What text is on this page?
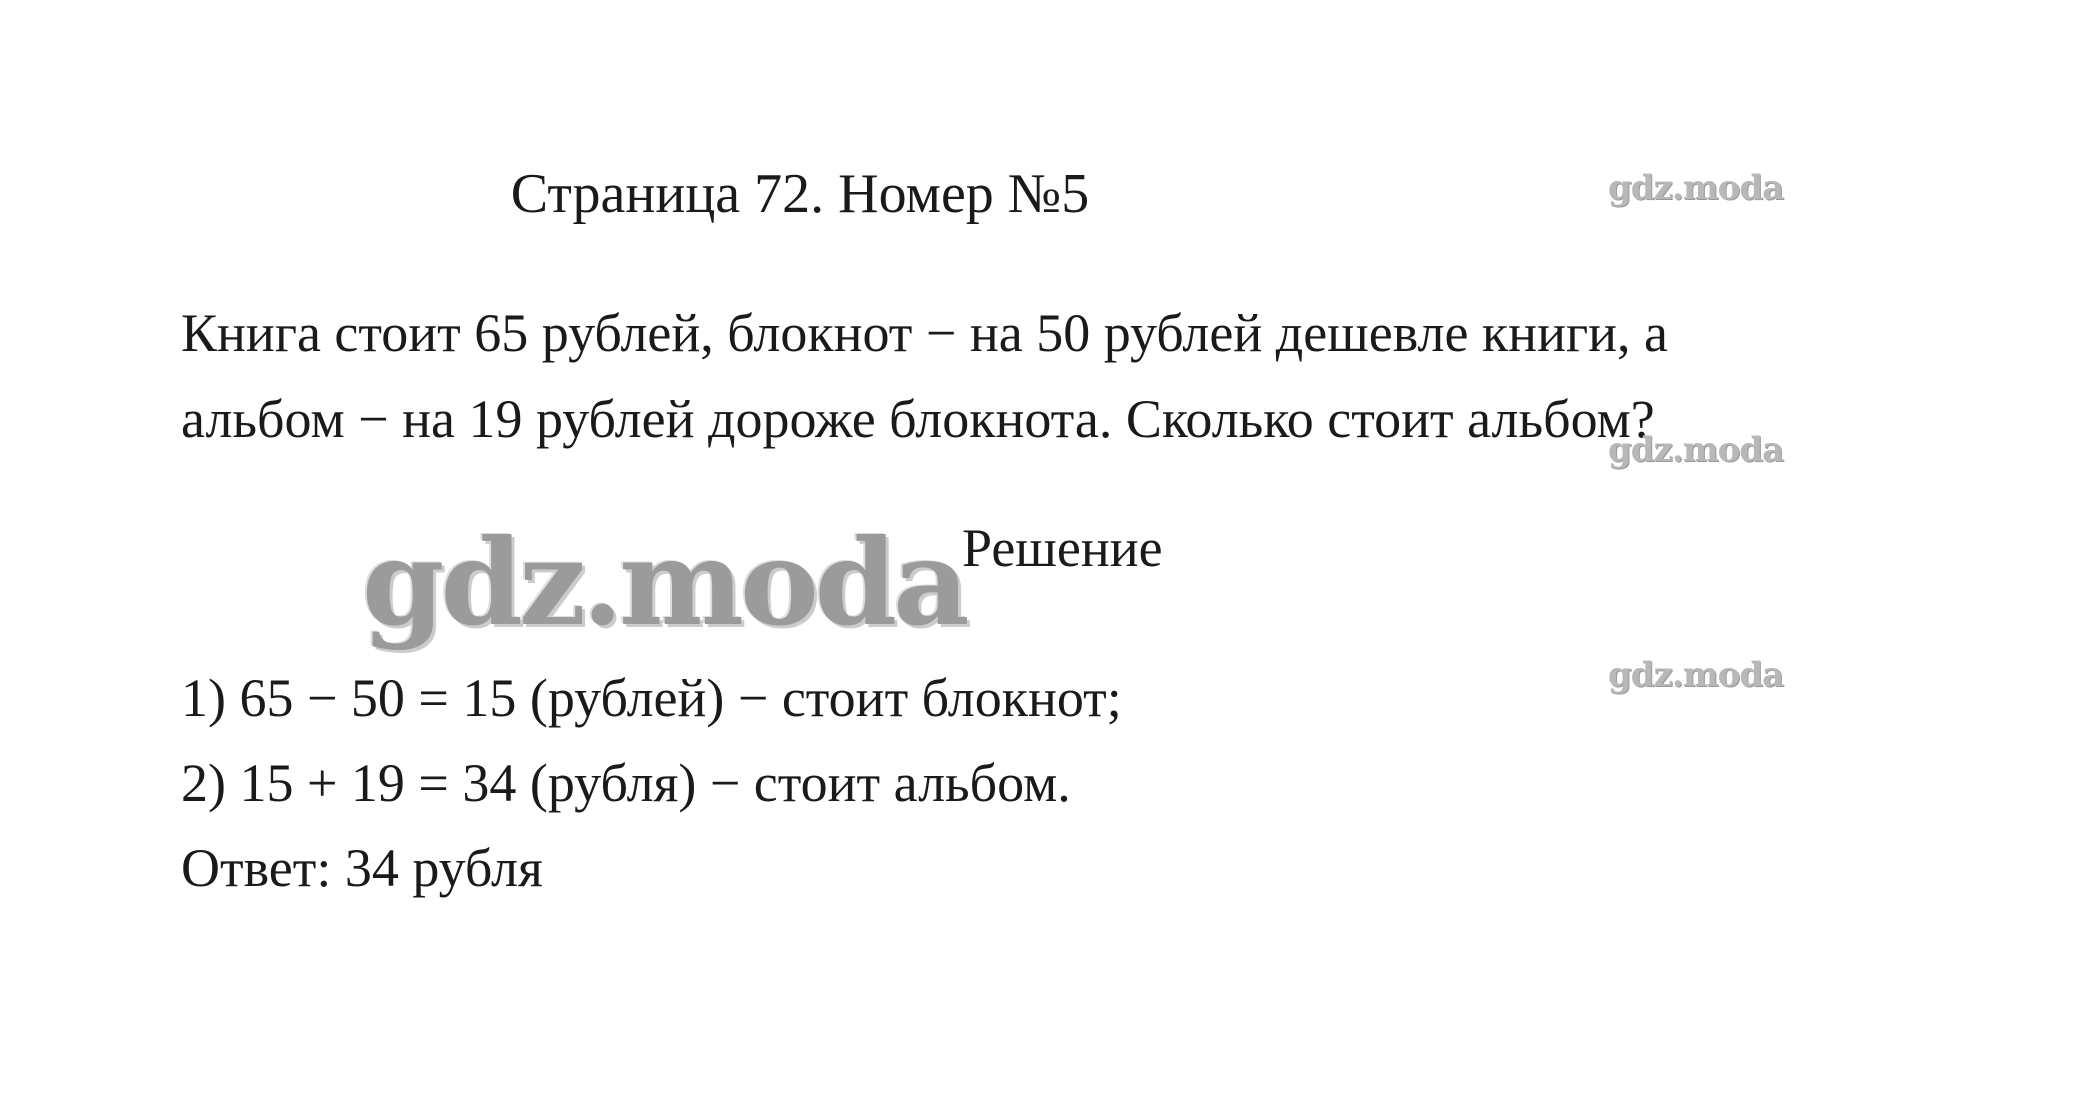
Страница 72. Номер №5	gdz.moda
Книга стоит 65 рублей, блокнот − на 50 рублей дешевле книги, а
альбом − на 19 рублей дороже блокнота. Сколько стоит альбом?
gdz.moda
gdz.moda
Решение
gdz.moda
1) 65 − 50 = 15 (рублей) − стоит блокнот;
2) 15 + 19 = 34 (рубля) − стоит альбом.
Ответ: 34 рубля
